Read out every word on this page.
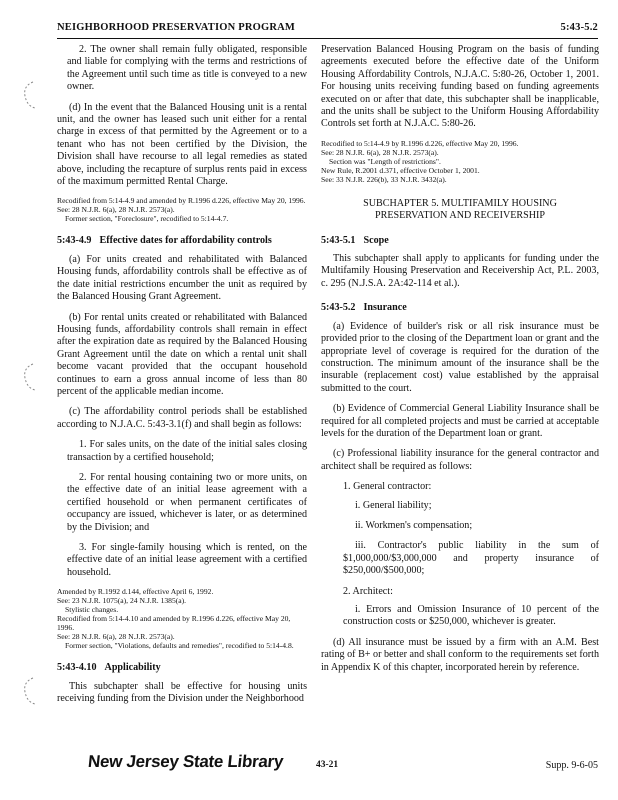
NEIGHBORHOOD PRESERVATION PROGRAM	5:43-5.2

2. The owner shall remain fully obligated, responsible and liable for complying with the terms and restrictions of the Agreement until such time as title is conveyed to a new owner.

(d) In the event that the Balanced Housing unit is a rental unit, and the owner has leased such unit either for a rental charge in excess of that permitted by the Agreement or to a tenant who has not been certified by the Division, the Division shall have recourse to all legal remedies as stated above, including the recapture of surplus rents paid in excess of the maximum permitted Rental Charge.

Recodified from 5:14-4.9 and amended by R.1996 d.226, effective May 20, 1996.
See: 28 N.J.R. 6(a), 28 N.J.R. 2573(a).
Former section, "Foreclosure", recodified to 5:14-4.7.
5:43-4.9 Effective dates for affordability controls

(a) For units created and rehabilitated with Balanced Housing funds, affordability controls shall be effective as of the date initial restrictions encumber the unit as required by the Balanced Housing Grant Agreement.

(b) For rental units created or rehabilitated with Balanced Housing funds, affordability controls shall remain in effect after the expiration date as required by the Balanced Housing Grant Agreement until the date on which a rental unit shall become vacant provided that the occupant household continues to earn a gross annual income of less than 80 percent of the applicable median income.

(c) The affordability control periods shall be established according to N.J.A.C. 5:43-3.1(f) and shall begin as follows:

1. For sales units, on the date of the initial sales closing transaction by a certified household;

2. For rental housing containing two or more units, on the effective date of an initial lease agreement with a certified household or when permanent certificates of occupancy are issued, whichever is later, or as determined by the Division; and

3. For single-family housing which is rented, on the effective date of an initial lease agreement with a certified household.

Amended by R.1992 d.144, effective April 6, 1992.
See: 23 N.J.R. 1075(a), 24 N.J.R. 1385(a).
Stylistic changes.
Recodified from 5:14-4.10 and amended by R.1996 d.226, effective May 20, 1996.
See: 28 N.J.R. 6(a), 28 N.J.R. 2573(a).
Former section, "Violations, defaults and remedies", recodified to 5:14-4.8.
5:43-4.10 Applicability

This subchapter shall be effective for housing units receiving funding from the Division under the Neighborhood

Preservation Balanced Housing Program on the basis of funding agreements executed before the effective date of the Uniform Housing Affordability Controls, N.J.A.C. 5:80-26, October 1, 2001. For housing units receiving funding based on funding agreements executed on or after that date, this subchapter shall be inapplicable, and the units shall be subject to the Uniform Housing Affordability Controls set forth at N.J.A.C. 5:80-26.

Recodified to 5:14-4.9 by R.1996 d.226, effective May 20, 1996.
See: 28 N.J.R. 6(a), 28 N.J.R. 2573(a).
Section was "Length of restrictions".
New Rule, R.2001 d.371, effective October 1, 2001.
See: 33 N.J.R. 226(b), 33 N.J.R. 3432(a).
SUBCHAPTER 5. MULTIFAMILY HOUSING
PRESERVATION AND RECEIVERSHIP
5:43-5.1 Scope

This subchapter shall apply to applicants for funding under the Multifamily Housing Preservation and Receivership Act, P.L. 2003, c. 295 (N.J.S.A. 2A:42-114 et al.).

5:43-5.2 Insurance

(a) Evidence of builder's risk or all risk insurance must be provided prior to the closing of the Department loan or grant and the appropriate level of coverage is required for the duration of the construction. The minimum amount of the insurance shall be the insurable (replacement cost) value established by the appraisal submitted to the court.

(b) Evidence of Commercial General Liability Insurance shall be required for all completed projects and must be carried at acceptable levels for the duration of the Department loan or grant.

(c) Professional liability insurance for the general contractor and architect shall be required as follows:

1. General contractor:

i. General liability;

ii. Workmen's compensation;

iii. Contractor's public liability in the sum of $1,000,000/$3,000,000 and property insurance of $250,000/$500,000;

2. Architect:

i. Errors and Omission Insurance of 10 percent of the construction costs or $250,000, whichever is greater.

(d) All insurance must be issued by a firm with an A.M. Best rating of B+ or better and shall conform to the requirements set forth in Appendix K of this chapter, incorporated herein by reference.

New Jersey State Library	43-21	Supp. 9-6-05
